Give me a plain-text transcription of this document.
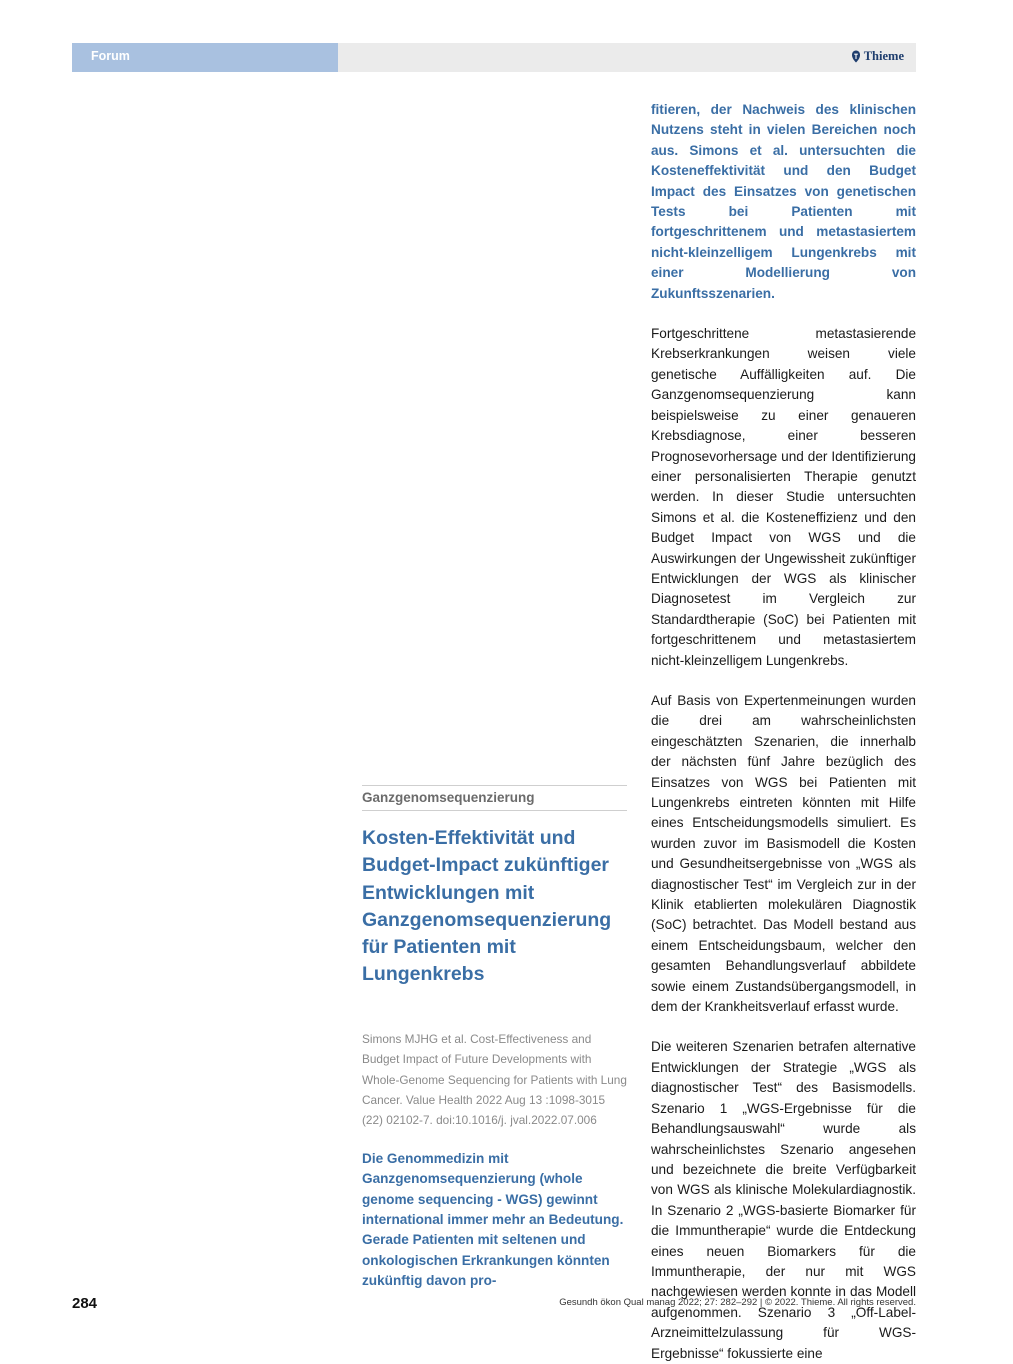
Forum	Thieme
Ganzgenomsequenzierung
Kosten-Effektivität und Budget-Impact zukünftiger Entwicklungen mit Ganzgenomsequenzierung für Patienten mit Lungenkrebs
Simons MJHG et al. Cost-Effectiveness and Budget Impact of Future Developments with Whole-Genome Sequencing for Patients with Lung Cancer. Value Health 2022 Aug 13 :1098-3015 (22) 02102-7. doi:10.1016/j. jval.2022.07.006
Die Genommedizin mit Ganzgenomsequenzierung (whole genome sequencing - WGS) gewinnt international immer mehr an Bedeutung. Gerade Patienten mit seltenen und onkologischen Erkrankungen könnten zukünftig davon pro-

fitieren, der Nachweis des klinischen Nutzens steht in vielen Bereichen noch aus. Simons et al. untersuchten die Kosteneffektivität und den Budget Impact des Einsatzes von genetischen Tests bei Patienten mit fortgeschrittenem und metastasiertem nicht-kleinzelligem Lungenkrebs mit einer Modellierung von Zukunftsszenarien.

Fortgeschrittene metastasierende Krebserkrankungen weisen viele genetische Auffälligkeiten auf. Die Ganzgenomsequenzierung kann beispielsweise zu einer genaueren Krebsdiagnose, einer besseren Prognosevorhersage und der Identifizierung einer personalisierten Therapie genutzt werden. In dieser Studie untersuchten Simons et al. die Kosteneffizienz und den Budget Impact von WGS und die Auswirkungen der Ungewissheit zukünftiger Entwicklungen der WGS als klinischer Diagnosetest im Vergleich zur Standardtherapie (SoC) bei Patienten mit fortgeschrittenem und metastasiertem nicht-kleinzelligem Lungenkrebs.

Auf Basis von Expertenmeinungen wurden die drei am wahrscheinlichsten eingeschätzten Szenarien, die innerhalb der nächsten fünf Jahre bezüglich des Einsatzes von WGS bei Patienten mit Lungenkrebs eintreten könnten mit Hilfe eines Entscheidungsmodells simuliert. Es wurden zuvor im Basismodell die Kosten und Gesundheitsergebnisse von „WGS als diagnostischer Test“ im Vergleich zur in der Klinik etablierten molekulären Diagnostik (SoC) betrachtet. Das Modell bestand aus einem Entscheidungsbaum, welcher den gesamten Behandlungsverlauf abbildete sowie einem Zustandsübergangsmodell, in dem der Krankheitsverlauf erfasst wurde.

Die weiteren Szenarien betrafen alternative Entwicklungen der Strategie „WGS als diagnostischer Test“ des Basismodells. Szenario 1 „WGS-Ergebnisse für die Behandlungsauswahl“ wurde als wahrscheinlichstes Szenario angesehen und bezeichnete die breite Verfügbarkeit von WGS als klinische Molekulardiagnostik. In Szenario 2 „WGS-basierte Biomarker für die Immuntherapie“ wurde die Entdeckung eines neuen Biomarkers für die Immuntherapie, der nur mit WGS nachgewiesen werden konnte in das Modell aufgenommen. Szenario 3 „Off-Label-Arzneimittelzulassung für WGS-Ergebnisse“ fokussierte eine

284	Gesundh ökon Qual manag 2022; 27: 282–292 | © 2022. Thieme. All rights reserved.
